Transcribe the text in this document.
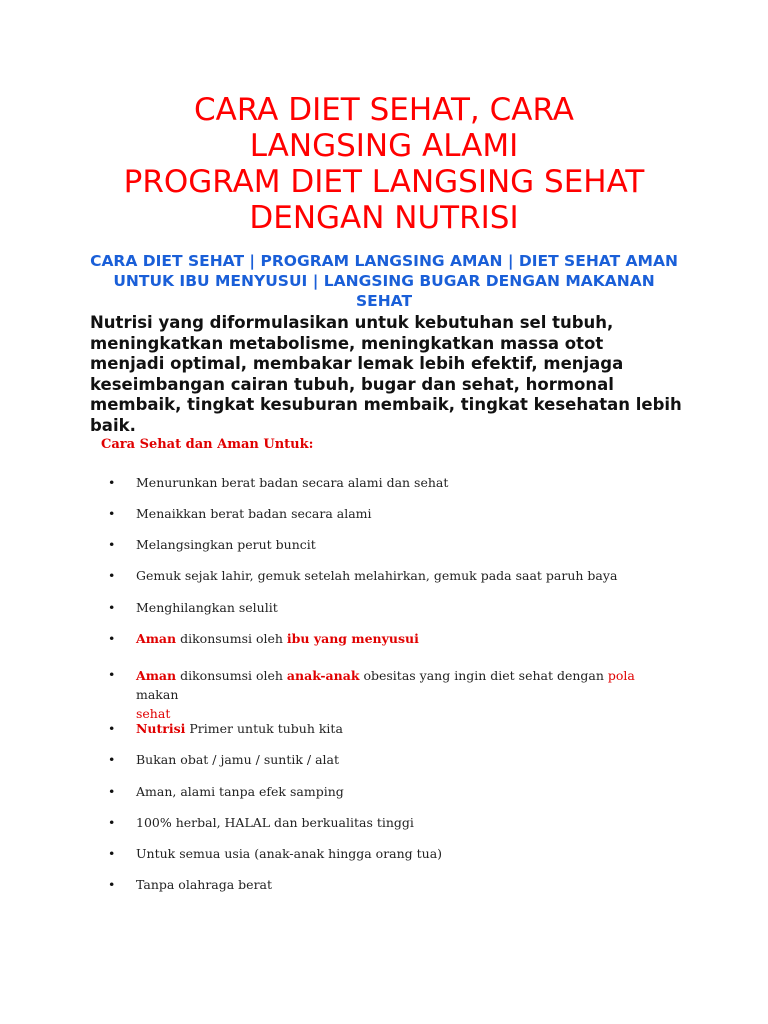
CARA DIET SEHAT, CARA
LANGSING ALAMI
PROGRAM DIET LANGSING SEHAT
DENGAN NUTRISI

CARA DIET SEHAT | PROGRAM LANGSING AMAN | DIET SEHAT AMAN UNTUK IBU MENYUSUI | LANGSING BUGAR DENGAN MAKANAN SEHAT

Nutrisi yang diformulasikan untuk kebutuhan sel tubuh, meningkatkan metabolisme, meningkatkan massa otot menjadi optimal, membakar lemak lebih efektif, menjaga keseimbangan cairan tubuh, bugar dan sehat, hormonal membaik, tingkat kesuburan membaik, tingkat kesehatan lebih baik.

Cara Sehat dan Aman Untuk:

•	Menurunkan berat badan secara alami dan sehat
•	Menaikkan berat badan secara alami
•	Melangsingkan perut buncit
•	Gemuk sejak lahir, gemuk setelah melahirkan, gemuk pada saat paruh baya
•	Menghilangkan selulit
•	Aman dikonsumsi oleh ibu yang menyusui
•	Aman dikonsumsi oleh anak-anak obesitas yang ingin diet sehat dengan pola makan
sehat
•	Nutrisi Primer untuk tubuh kita
•	Bukan obat / jamu / suntik / alat
•	Aman, alami tanpa efek samping
•	100% herbal, HALAL dan berkualitas tinggi
•	Untuk semua usia (anak-anak hingga orang tua)
•	Tanpa olahraga berat
